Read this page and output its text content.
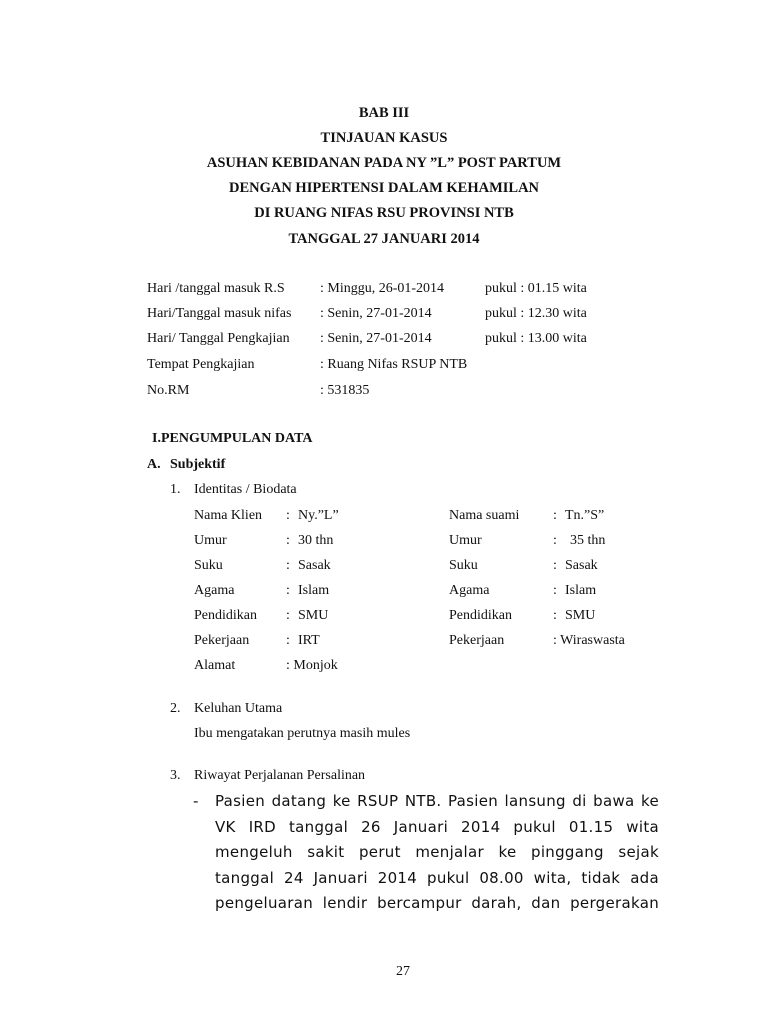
BAB III
TINJAUAN KASUS
ASUHAN KEBIDANAN PADA NY ”L” POST PARTUM
DENGAN HIPERTENSI DALAM KEHAMILAN
DI RUANG NIFAS RSU PROVINSI NTB
TANGGAL 27 JANUARI 2014
Hari /tanggal masuk R.S	: Minggu, 26-01-2014	pukul : 01.15 wita
Hari/Tanggal masuk nifas : Senin, 27-01-2014	pukul : 12.30 wita
Hari/ Tanggal Pengkajian : Senin, 27-01-2014	pukul : 13.00 wita
Tempat Pengkajian	: Ruang Nifas RSUP NTB
No.RM	: 531835
I.PENGUMPULAN DATA
A. Subjektif
1. Identitas / Biodata
Nama Klien : Ny.”L”	Nama suami : Tn.”S”
Umur	: 30 thn	Umur	: 35 thn
Suku	: Sasak	Suku	: Sasak
Agama	: Islam	Agama	: Islam
Pendidikan : SMU	Pendidikan	: SMU
Pekerjaan	: IRT	Pekerjaan	: Wiraswasta
Alamat	: Monjok
2. Keluhan Utama
Ibu mengatakan perutnya masih mules
3. Riwayat Perjalanan Persalinan
- Pasien datang ke RSUP NTB. Pasien lansung di bawa ke
VK IRD tanggal 26 Januari 2014 pukul 01.15 wita
mengeluh sakit perut menjalar ke pinggang sejak
tanggal 24 Januari 2014 pukul 08.00 wita, tidak ada
pengeluaran lendir bercampur darah, dan pergerakan
27
